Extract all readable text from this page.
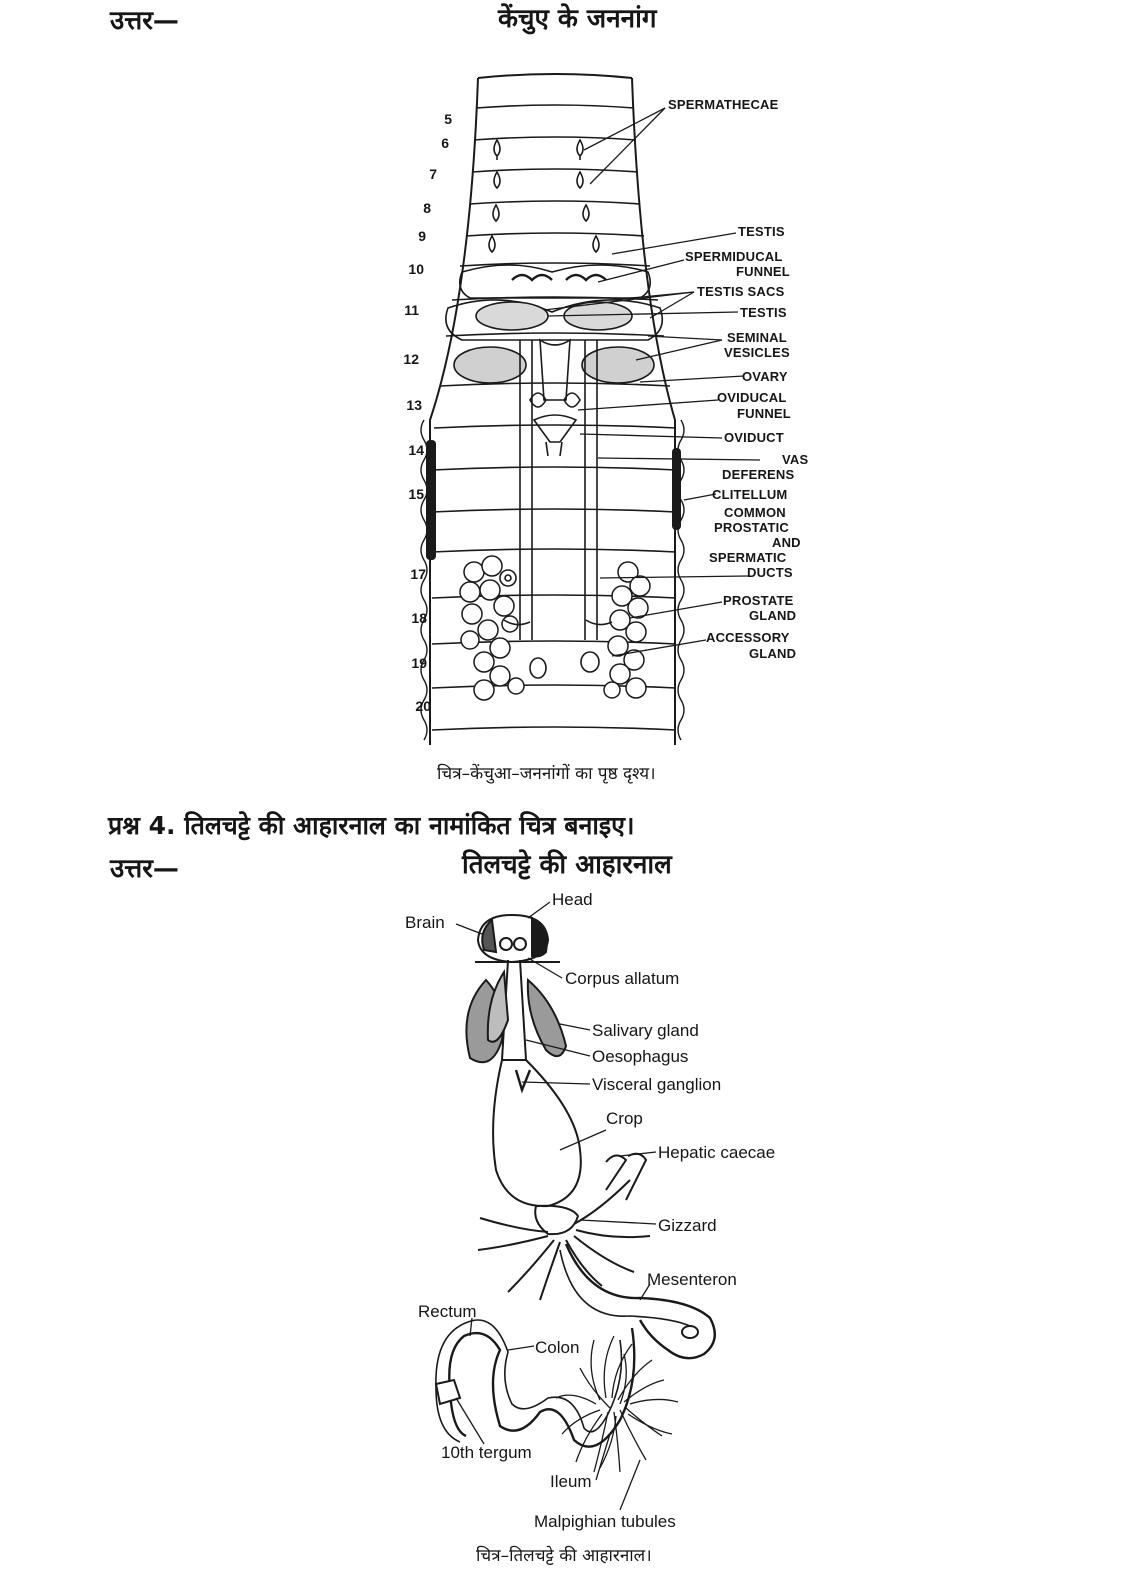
उत्तर—	केंचुए के जननांग
5
6
7
8
9
10
11
12
13
14
15
17
18
19
20
SPERMATHECAE
TESTIS
SPERMIDUCAL
FUNNEL
TESTIS SACS
TESTIS
SEMINAL
VESICLES
OVARY
OVIDUCAL
FUNNEL
OVIDUCT
VAS
DEFERENS
CLITELLUM
COMMON
PROSTATIC
AND
SPERMATIC
DUCTS
PROSTATE
GLAND
ACCESSORY
GLAND
चित्र–केंचुआ–जननांगों का पृष्ठ दृश्य।
प्रश्न 4. तिलचट्टे की आहारनाल का नामांकित चित्र बनाइए।
उत्तर—	तिलचट्टे की आहारनाल
Head
Brain
Corpus allatum
Salivary gland
Oesophagus
Visceral ganglion
Crop
Hepatic caecae
Gizzard
Mesenteron
Rectum
Colon
10th tergum
Ileum
Malpighian tubules
चित्र–तिलचट्टे की आहारनाल।
